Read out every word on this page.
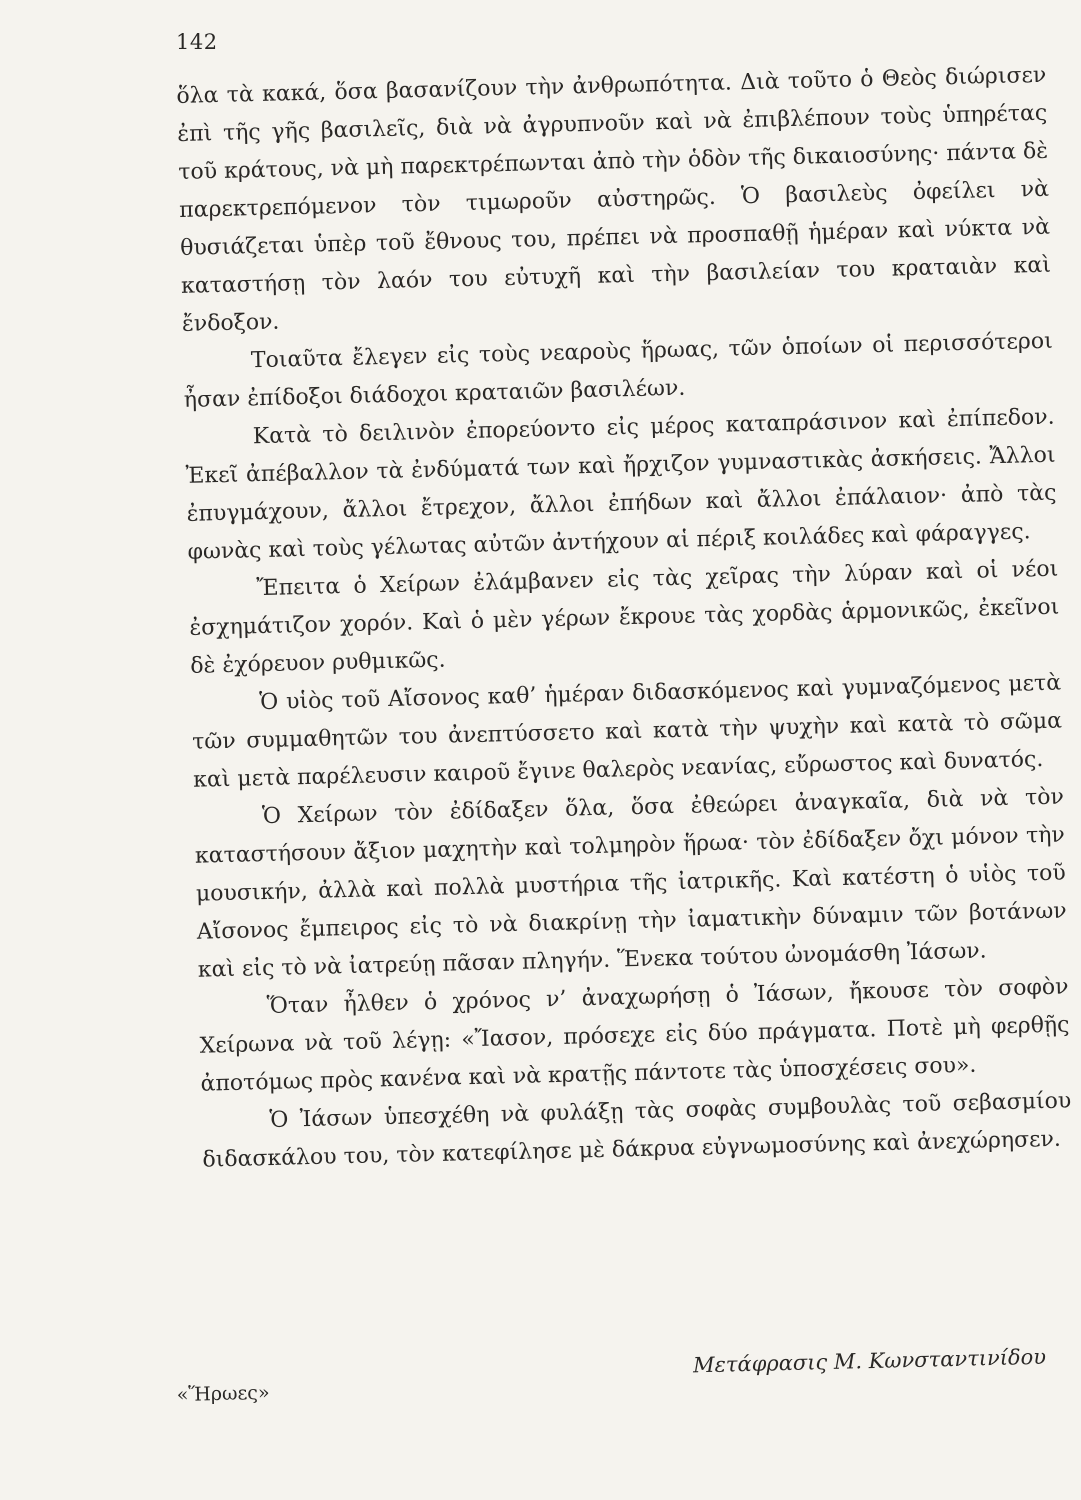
142

ὅλα τὰ κακά, ὅσα βασανίζουν τὴν ἀνθρωπότητα. Διὰ τοῦτο ὁ Θεὸς διώρισεν ἐπὶ τῆς γῆς βασιλεῖς, διὰ νὰ ἀγρυπνοῦν καὶ νὰ ἐπιβλέπουν τοὺς ὑπηρέτας τοῦ κράτους, νὰ μὴ παρεκτρέπωνται ἀπὸ τὴν ὁδὸν τῆς δικαιοσύνης· πάντα δὲ παρεκτρεπόμενον τὸν τιμωροῦν αὐστηρῶς. Ὁ βασιλεὺς ὀφείλει νὰ θυσιάζεται ὑπὲρ τοῦ ἔθνους του, πρέπει νὰ προσπαθῇ ἡμέραν καὶ νύκτα νὰ καταστήσῃ τὸν λαόν του εὐτυχῆ καὶ τὴν βασιλείαν του κραταιὰν καὶ ἔνδοξον.

Τοιαῦτα ἔλεγεν εἰς τοὺς νεαροὺς ἥρωας, τῶν ὁποίων οἱ περισσότεροι ἦσαν ἐπίδοξοι διάδοχοι κραταιῶν βασιλέων.

Κατὰ τὸ δειλινὸν ἐπορεύοντο εἰς μέρος καταπράσινον καὶ ἐπίπεδον. Ἐκεῖ ἀπέβαλλον τὰ ἐνδύματά των καὶ ἤρχιζον γυμναστικὰς ἀσκήσεις. Ἄλλοι ἐπυγμάχουν, ἄλλοι ἔτρεχον, ἄλλοι ἐπήδων καὶ ἄλλοι ἐπάλαιον· ἀπὸ τὰς φωνὰς καὶ τοὺς γέλωτας αὐτῶν ἀντήχουν αἱ πέριξ κοιλάδες καὶ φάραγγες.

Ἔπειτα ὁ Χείρων ἐλάμβανεν εἰς τὰς χεῖρας τὴν λύραν καὶ οἱ νέοι ἐσχημάτιζον χορόν. Καὶ ὁ μὲν γέρων ἔκρουε τὰς χορδὰς ἁρμονικῶς, ἐκεῖνοι δὲ ἐχόρευον ρυθμικῶς.

Ὁ υἱὸς τοῦ Αἴσονος καθ’ ἡμέραν διδασκόμενος καὶ γυμναζόμενος μετὰ τῶν συμμαθητῶν του ἀνεπτύσσετο καὶ κατὰ τὴν ψυχὴν καὶ κατὰ τὸ σῶμα καὶ μετὰ παρέλευσιν καιροῦ ἔγινε θαλερὸς νεανίας, εὔρωστος καὶ δυνατός.

Ὁ Χείρων τὸν ἐδίδαξεν ὅλα, ὅσα ἐθεώρει ἀναγκαῖα, διὰ νὰ τὸν καταστήσουν ἄξιον μαχητὴν καὶ τολμηρὸν ἥρωα· τὸν ἐδίδαξεν ὄχι μόνον τὴν μουσικήν, ἀλλὰ καὶ πολλὰ μυστήρια τῆς ἰατρικῆς. Καὶ κατέστη ὁ υἱὸς τοῦ Αἴσονος ἔμπειρος εἰς τὸ νὰ διακρίνῃ τὴν ἰαματικὴν δύναμιν τῶν βοτάνων καὶ εἰς τὸ νὰ ἰατρεύῃ πᾶσαν πληγήν. Ἕνεκα τούτου ὠνομάσθη Ἰάσων.

Ὅταν ἦλθεν ὁ χρόνος ν’ ἀναχωρήσῃ ὁ Ἰάσων, ἤκουσε τὸν σοφὸν Χείρωνα νὰ τοῦ λέγῃ: «Ἴασον, πρόσεχε εἰς δύο πράγματα. Ποτὲ μὴ φερθῇς ἀποτόμως πρὸς κανένα καὶ νὰ κρατῇς πάντοτε τὰς ὑποσχέσεις σου».

Ὁ Ἰάσων ὑπεσχέθη νὰ φυλάξῃ τὰς σοφὰς συμβουλὰς τοῦ σεβασμίου διδασκάλου του, τὸν κατεφίλησε μὲ δάκρυα εὐγνωμοσύνης καὶ ἀνεχώρησεν.

«Ἥρωες»
Μετάφρασις Μ. Κωνσταντινίδου
